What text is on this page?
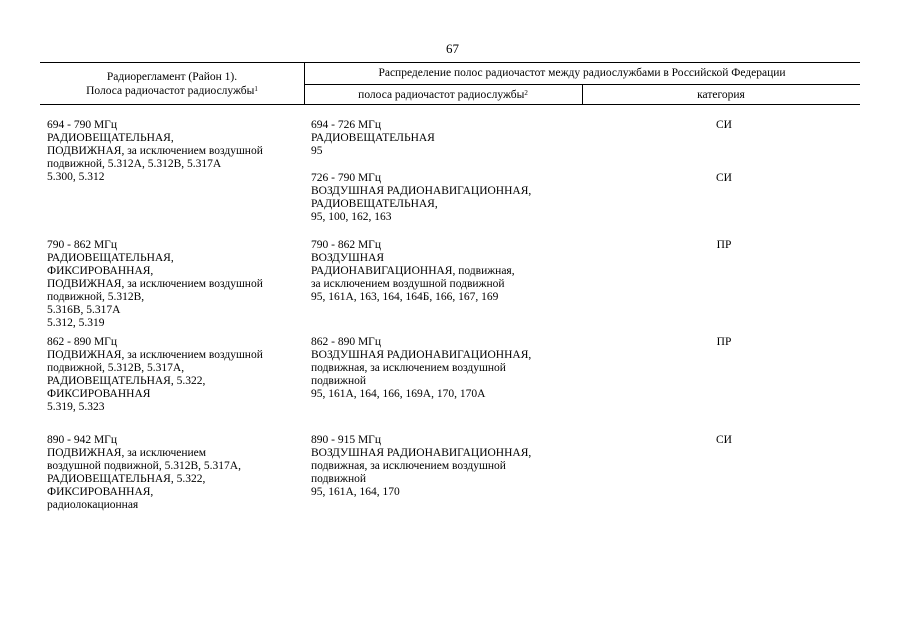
67
Радиорегламент (Район 1).
Полоса радиочастот радиослужбы$^1$
Распределение полос радиочастот между радиослужбами в Российской Федерации
полоса радиочастот радиослужбы$^2$	категория
694 - 790 МГц
РАДИОВЕЩАТЕЛЬНАЯ,
ПОДВИЖНАЯ, за исключением воздушной
подвижной, 5.312A, 5.312B, 5.317A
5.300, 5.312
790 - 862 МГц
РАДИОВЕЩАТЕЛЬНАЯ,
ФИКСИРОВАННАЯ,
ПОДВИЖНАЯ, за исключением воздушной
подвижной, 5.312B,
5.316B, 5.317A
5.312, 5.319
862 - 890 МГц
ПОДВИЖНАЯ, за исключением воздушной
подвижной, 5.312B, 5.317A,
РАДИОВЕЩАТЕЛЬНАЯ, 5.322,
ФИКСИРОВАННАЯ
5.319, 5.323
890 - 942 МГц
ПОДВИЖНАЯ, за исключением
воздушной подвижной, 5.312B, 5.317A,
РАДИОВЕЩАТЕЛЬНАЯ, 5.322,
ФИКСИРОВАННАЯ,
радиолокационная
694 - 726 МГц
РАДИОВЕЩАТЕЛЬНАЯ
95
СИ
726 - 790 МГц
ВОЗДУШНАЯ РАДИОНАВИГАЦИОННАЯ,
РАДИОВЕЩАТЕЛЬНАЯ,
95, 100, 162, 163
СИ
790 - 862 МГц
ВОЗДУШНАЯ
РАДИОНАВИГАЦИОННАЯ, подвижная,
за исключением воздушной подвижной
95, 161A, 163, 164, 164Б, 166, 167, 169
ПР
862 - 890 МГц
ВОЗДУШНАЯ РАДИОНАВИГАЦИОННАЯ,
подвижная, за исключением воздушной
подвижной
95, 161A, 164, 166, 169A, 170, 170A
ПР
890 - 915 МГц
ВОЗДУШНАЯ РАДИОНАВИГАЦИОННАЯ,
подвижная, за исключением воздушной
подвижной
95, 161A, 164, 170
СИ
